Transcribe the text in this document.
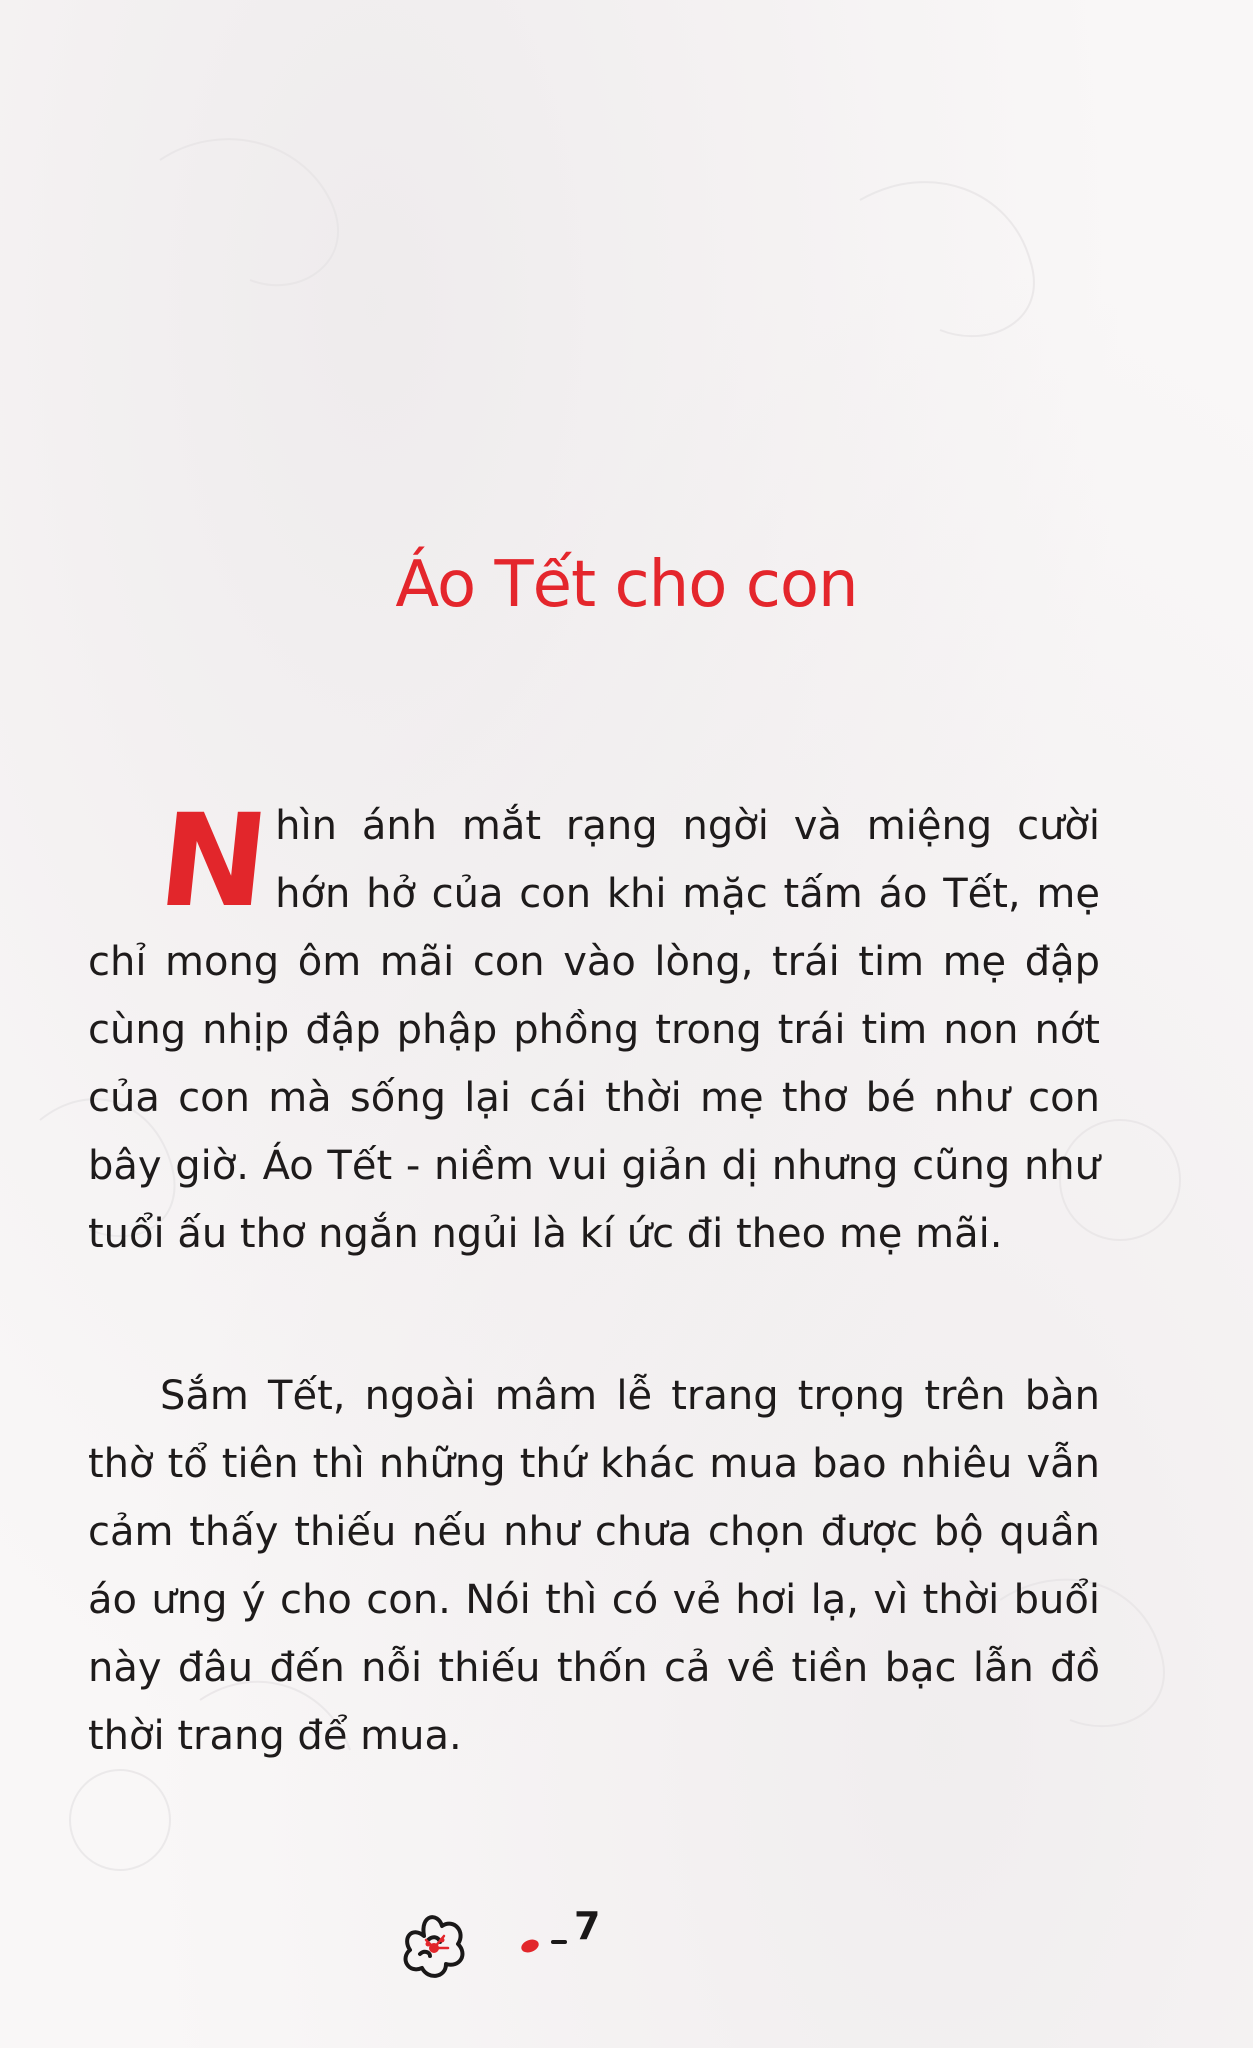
Áo Tết cho con

Nhìn ánh mắt rạng ngời và miệng cười hớn hở của con khi mặc tấm áo Tết, mẹ chỉ mong ôm mãi con vào lòng, trái tim mẹ đập cùng nhịp đập phập phồng trong trái tim non nớt của con mà sống lại cái thời mẹ thơ bé như con bây giờ. Áo Tết - niềm vui giản dị nhưng cũng như tuổi ấu thơ ngắn ngủi là kí ức đi theo mẹ mãi.

Sắm Tết, ngoài mâm lễ trang trọng trên bàn thờ tổ tiên thì những thứ khác mua bao nhiêu vẫn cảm thấy thiếu nếu như chưa chọn được bộ quần áo ưng ý cho con. Nói thì có vẻ hơi lạ, vì thời buổi này đâu đến nỗi thiếu thốn cả về tiền bạc lẫn đồ thời trang để mua.

7
